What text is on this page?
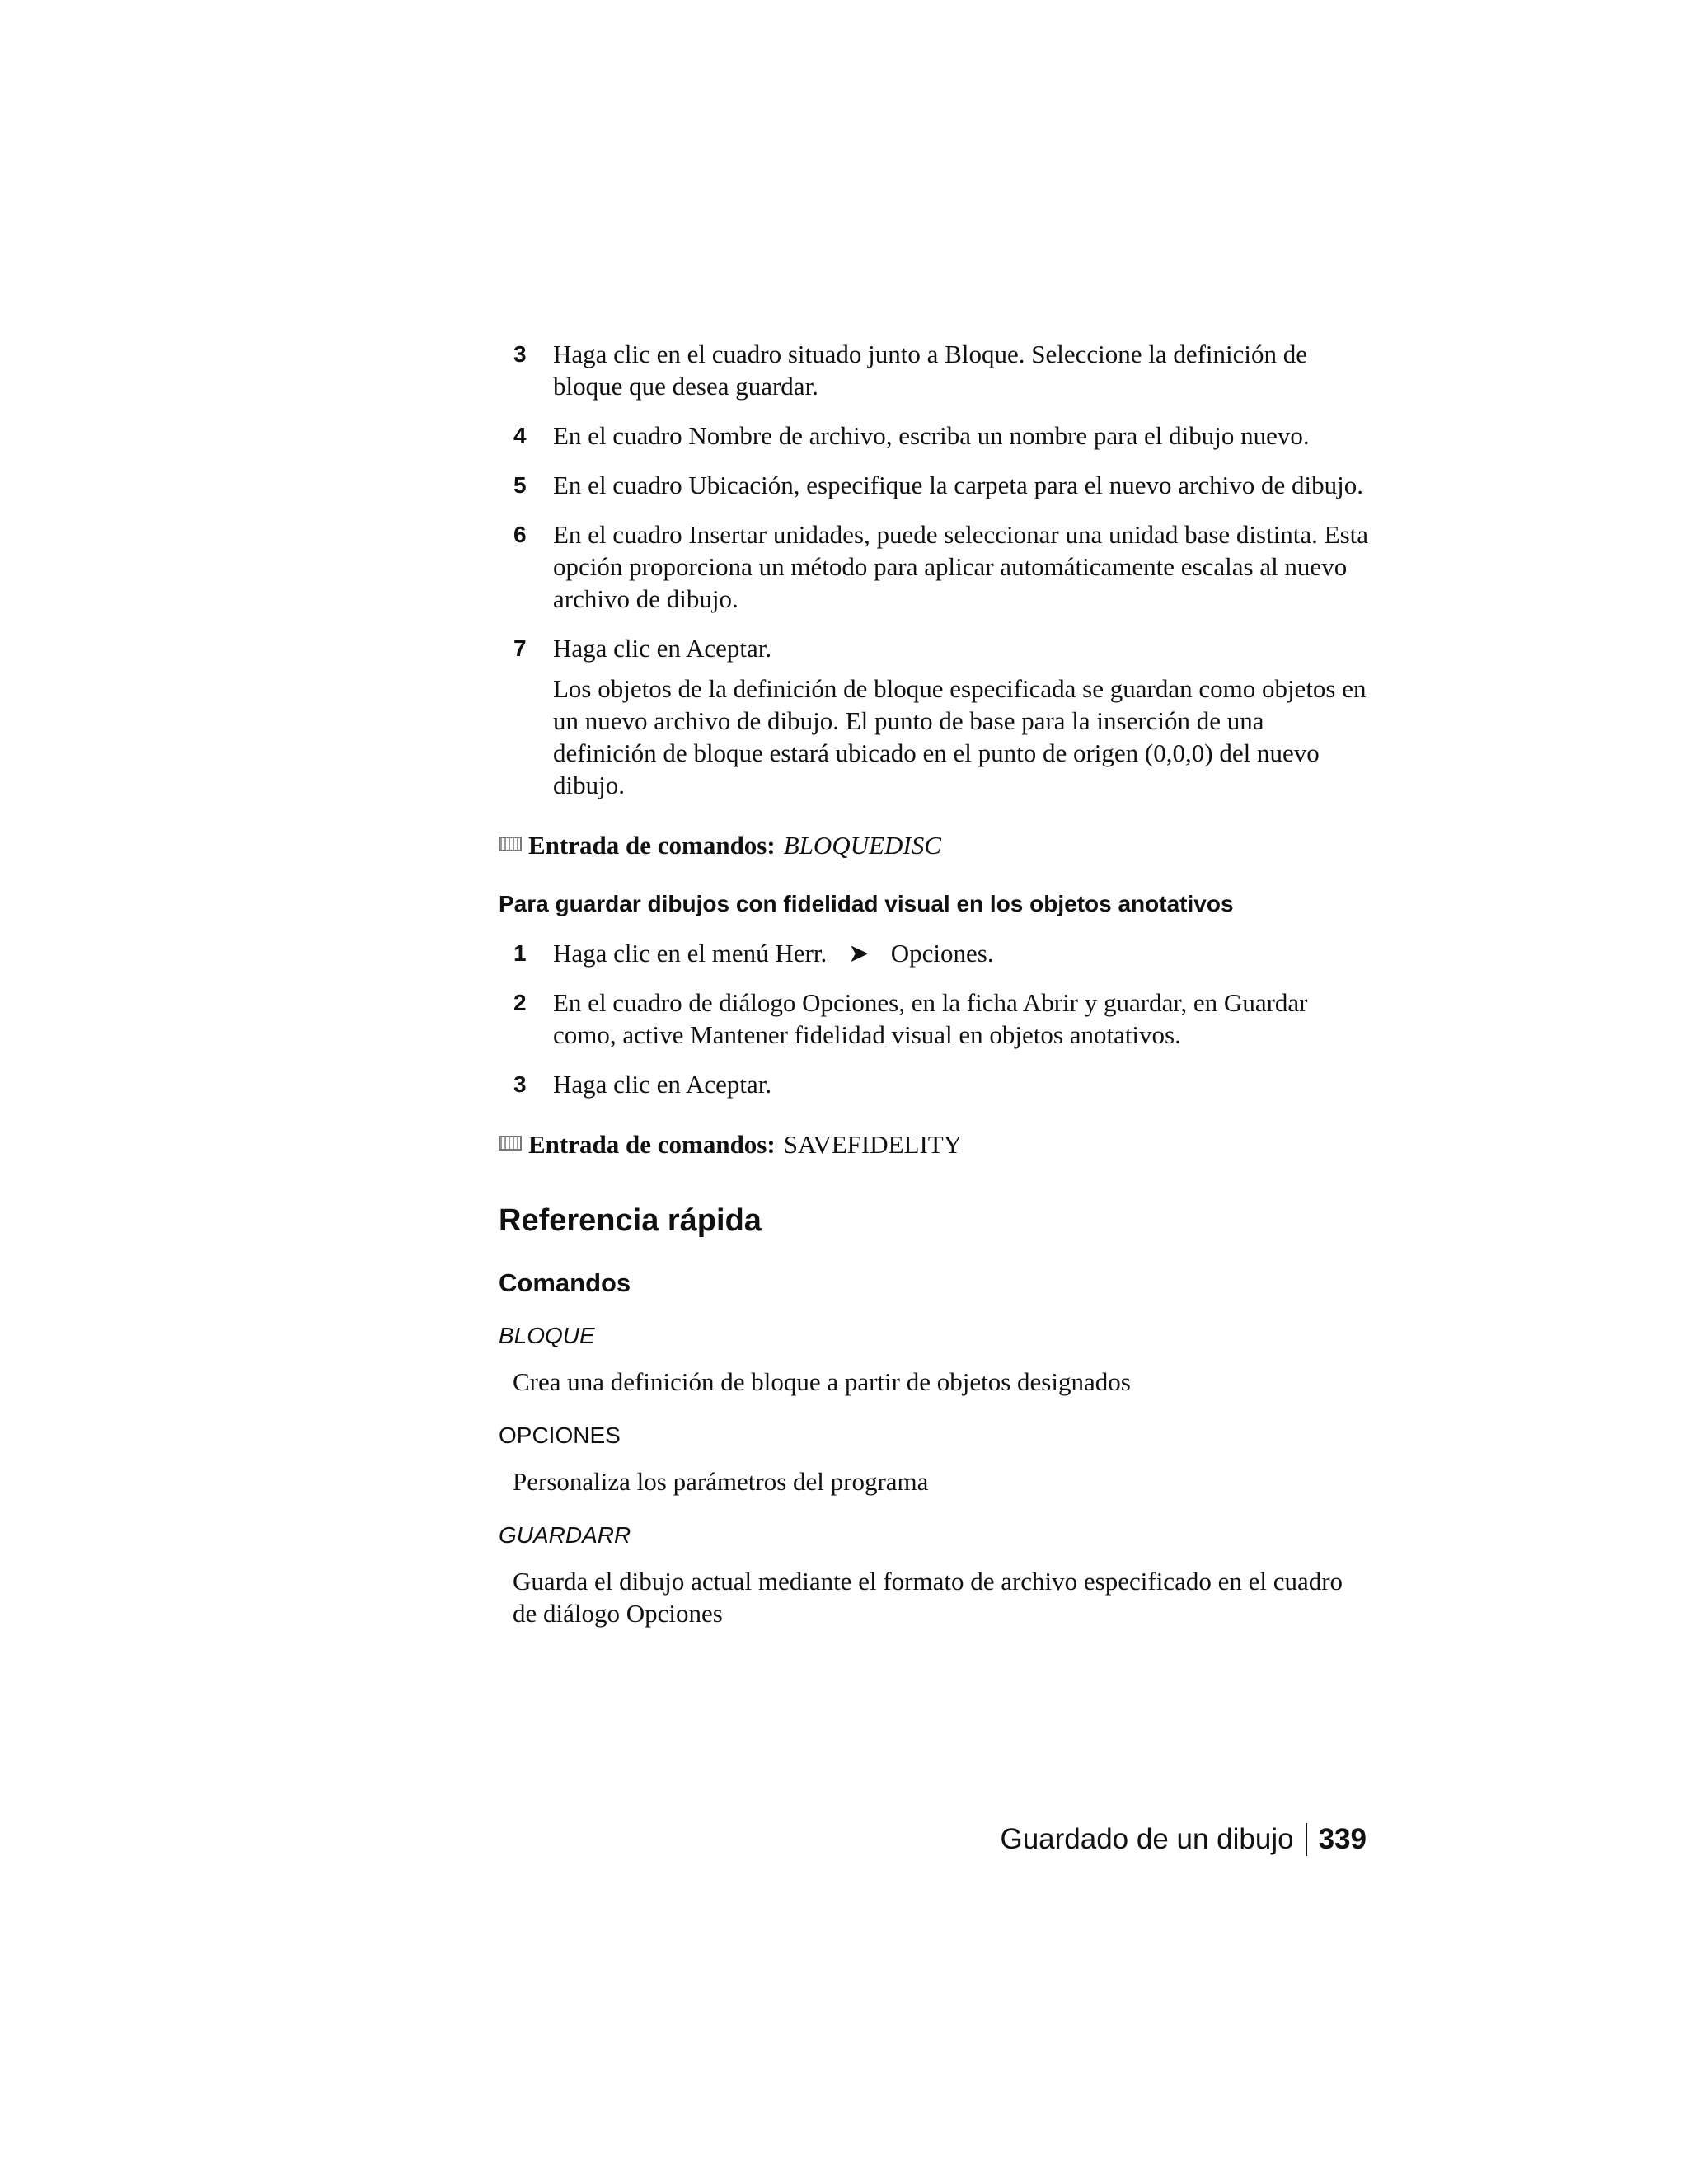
3 Haga clic en el cuadro situado junto a Bloque. Seleccione la definición de bloque que desea guardar.
4 En el cuadro Nombre de archivo, escriba un nombre para el dibujo nuevo.
5 En el cuadro Ubicación, especifique la carpeta para el nuevo archivo de dibujo.
6 En el cuadro Insertar unidades, puede seleccionar una unidad base distinta. Esta opción proporciona un método para aplicar automáticamente escalas al nuevo archivo de dibujo.
7 Haga clic en Aceptar.
Los objetos de la definición de bloque especificada se guardan como objetos en un nuevo archivo de dibujo. El punto de base para la inserción de una definición de bloque estará ubicado en el punto de origen (0,0,0) del nuevo dibujo.
Entrada de comandos: BLOQUEDISC
Para guardar dibujos con fidelidad visual en los objetos anotativos
1 Haga clic en el menú Herr. ➤ Opciones.
2 En el cuadro de diálogo Opciones, en la ficha Abrir y guardar, en Guardar como, active Mantener fidelidad visual en objetos anotativos.
3 Haga clic en Aceptar.
Entrada de comandos: SAVEFIDELITY
Referencia rápida
Comandos
BLOQUE
Crea una definición de bloque a partir de objetos designados
OPCIONES
Personaliza los parámetros del programa
GUARDARR
Guarda el dibujo actual mediante el formato de archivo especificado en el cuadro de diálogo Opciones
Guardado de un dibujo 339
